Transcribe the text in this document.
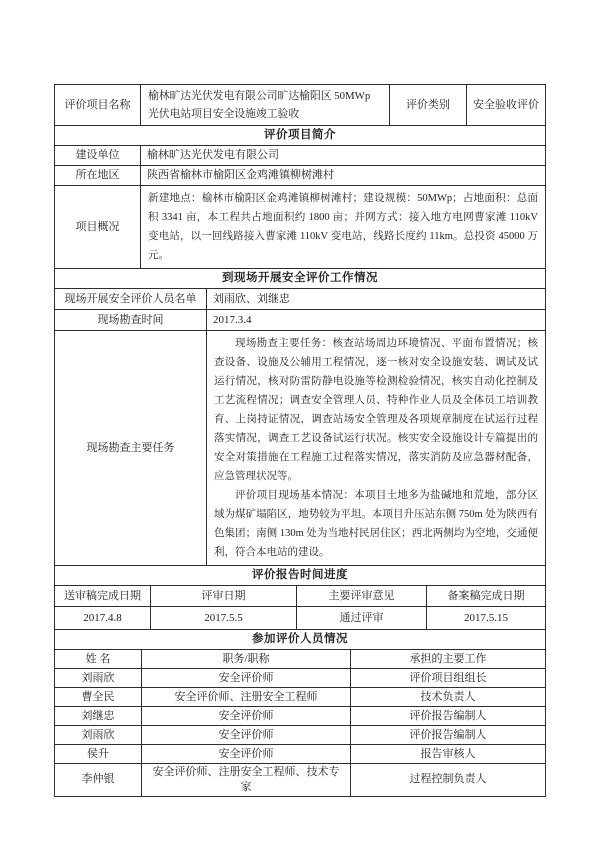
评价项目名称	榆林旷达光伏发电有限公司旷达榆阳区 50MWp 光伏电站项目安全设施竣工验收	评价类别	安全验收评价
评价项目简介
建设单位	榆林旷达光伏发电有限公司
所在地区	陕西省榆林市榆阳区金鸡滩镇柳树滩村
项目概况	新建地点：榆林市榆阳区金鸡滩镇柳树滩村；建设规模：50MWp；占地面积：总面积 3341 亩，本工程共占地面积约 1800 亩；并网方式：接入地方电网曹家滩 110kV 变电站，以一回线路接入曹家滩 110kV 变电站，线路长度约 11km。总投资 45000 万元。
到现场开展安全评价工作情况
现场开展安全评价人员名单	刘雨欣、刘继忠
现场勘查时间	2017.3.4
现场勘查主要任务	现场勘查主要任务：核查站场周边环境情况、平面布置情况；核查设备、设施及公辅用工程情况，逐一核对安全设施安装、调试及试运行情况，核对防雷防静电设施等检测检验情况，核实自动化控制及工艺流程情况；调查安全管理人员、特种作业人员及全体员工培训教育、上岗持证情况，调查站场安全管理及各项规章制度在试运行过程落实情况，调查工艺设备试运行状况。核实安全设施设计专篇提出的安全对策措施在工程施工过程落实情况，落实消防及应急器材配备，应急管理状况等。

评价项目现场基本情况：本项目土地多为盐碱地和荒地，部分区域为煤矿塌陷区，地势较为平坦。本项目升压站东侧 750m 处为陕西有色集团；南侧 130m 处为当地村民居住区；西北两侧均为空地，交通便利，符合本电站的建设。

评价报告时间进度
送审稿完成日期	评审日期	主要评审意见	备案稿完成日期
2017.4.8	2017.5.5	通过评审	2017.5.15
参加评价人员情况
姓 名	职务/职称	承担的主要工作
刘雨欣	安全评价师	评价项目组组长
曹全民	安全评价师、注册安全工程师	技术负责人
刘继忠	安全评价师	评价报告编制人
刘雨欣	安全评价师	评价报告编制人
侯升	安全评价师	报告审核人
李仲银	安全评价师、注册安全工程师、技术专家	过程控制负责人
